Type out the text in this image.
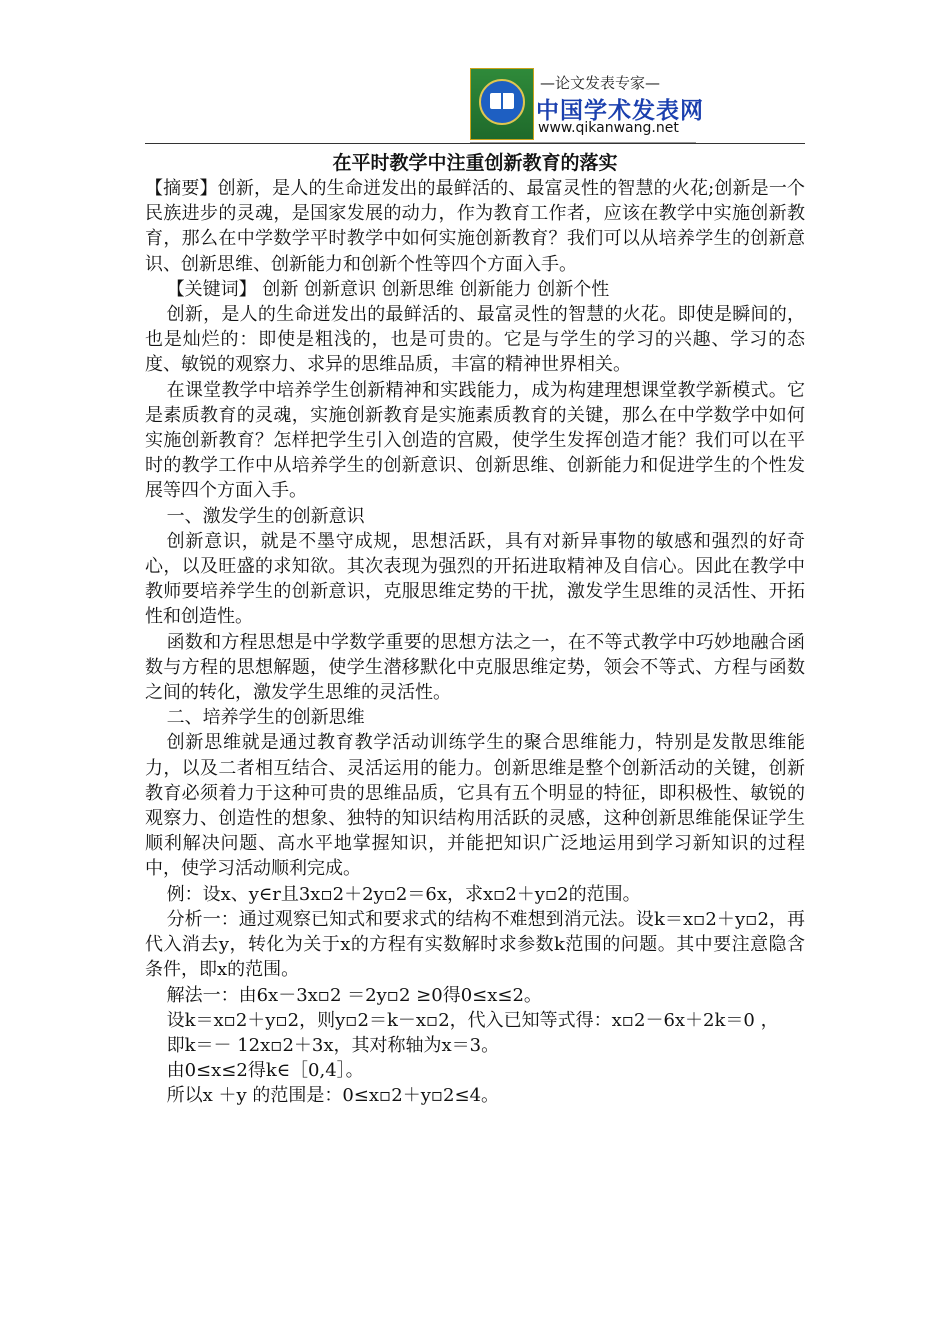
—论文发表专家—
中国学术发表网
www.qikanwang.net
在平时教学中注重创新教育的落实

【摘要】创新，是人的生命迸发出的最鲜活的、最富灵性的智慧的火花;创新是一个民族进步的灵魂，是国家发展的动力，作为教育工作者，应该在教学中实施创新教育，那么在中学数学平时教学中如何实施创新教育？我们可以从培养学生的创新意识、创新思维、创新能力和创新个性等四个方面入手。

【关键词】 创新 创新意识 创新思维 创新能力 创新个性

创新，是人的生命迸发出的最鲜活的、最富灵性的智慧的火花。即使是瞬间的，也是灿烂的：即使是粗浅的，也是可贵的。它是与学生的学习的兴趣、学习的态度、敏锐的观察力、求异的思维品质，丰富的精神世界相关。

在课堂教学中培养学生创新精神和实践能力，成为构建理想课堂教学新模式。它是素质教育的灵魂，实施创新教育是实施素质教育的关键，那么在中学数学中如何实施创新教育？怎样把学生引入创造的宫殿，使学生发挥创造才能？我们可以在平时的教学工作中从培养学生的创新意识、创新思维、创新能力和促进学生的个性发展等四个方面入手。

一、激发学生的创新意识

创新意识，就是不墨守成规，思想活跃，具有对新异事物的敏感和强烈的好奇心，以及旺盛的求知欲。其次表现为强烈的开拓进取精神及自信心。因此在教学中教师要培养学生的创新意识，克服思维定势的干扰，激发学生思维的灵活性、开拓性和创造性。

函数和方程思想是中学数学重要的思想方法之一，在不等式教学中巧妙地融合函数与方程的思想解题，使学生潜移默化中克服思维定势，领会不等式、方程与函数之间的转化，激发学生思维的灵活性。

二、培养学生的创新思维

创新思维就是通过教育教学活动训练学生的聚合思维能力，特别是发散思维能力，以及二者相互结合、灵活运用的能力。创新思维是整个创新活动的关键，创新教育必须着力于这种可贵的思维品质，它具有五个明显的特征，即积极性、敏锐的观察力、创造性的想象、独特的知识结构用活跃的灵感，这种创新思维能保证学生顺利解决问题、高水平地掌握知识，并能把知识广泛地运用到学习新知识的过程中，使学习活动顺利完成。

例：设x、y∈r且3x▫2＋2y▫2＝6x，求x▫2＋y▫2的范围。

分析一：通过观察已知式和要求式的结构不难想到消元法。设k＝x▫2＋y▫2，再代入消去y，转化为关于x的方程有实数解时求参数k范围的问题。其中要注意隐含条件，即x的范围。

解法一：由6x－3x▫2 ＝2y▫2 ≥0得0≤x≤2。

设k＝x▫2＋y▫2，则y▫2＝k－x▫2，代入已知等式得：x▫2－6x＋2k＝0 ，

即k＝－ 12x▫2＋3x，其对称轴为x＝3。

由0≤x≤2得k∈［0,4］。

所以x ＋y 的范围是：0≤x▫2＋y▫2≤4。
